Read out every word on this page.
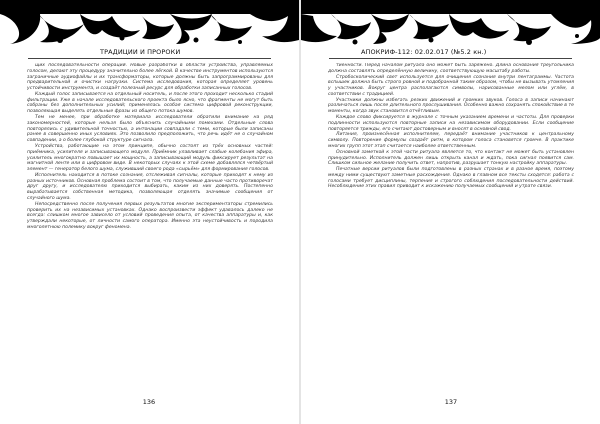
ТРАДИЦИИ И ПРОРОКИ

щих последовательности операций. Новые разработки в области устройства, управляемых голосом, делают эту процедуру значительно более лёгкой. В качестве инструментов используются заграничные аудиофайлы и их трансформаторы, которые должны быть запрограммированы для предварительной и очистки нагрузки. Система исследования, которая определяет уровень устойчивости инструмента, и создаёт полезный ресурс для обработки записанных голосов.

Каждый голос записывается на отдельный носитель, и после этого проходит несколько стадий фильтрации. Уже в начале исследовательского проекта было ясно, что фрагменты не могут быть собраны без дополнительных усилий; применялась особая система цифровой реконструкции, позволяющая выделять отдельные фразы из общего потока шумов.

Тем не менее, при обработке материала исследователи обратили внимание на ряд закономерностей, которые нельзя было объяснить случайными помехами. Отдельные слова повторялись с удивительной точностью, а интонации совпадали с теми, которые были записаны ранее в совершенно иных условиях. Это позволило предположить, что речь идёт не о случайном совпадении, а о более глубокой структуре сигнала.

Устройства, работающие на этом принципе, обычно состоят из трёх основных частей: приёмника, усилителя и записывающего модуля. Приёмник улавливает слабые колебания эфира, усилитель многократно повышает их мощность, а записывающий модуль фиксирует результат на магнитной ленте или в цифровом виде. В некоторых случаях к этой схеме добавлялся четвёртый элемент — генератор белого шума, служивший своего рода «сырьём» для формирования голосов.

Исполнитель находится в потоке сознания, отслеживая сигналы, которые приходят к нему из разных источников. Основная проблема состоит в том, что получаемые данные часто противоречат друг другу, и исследователю приходится выбирать, каким из них доверять. Постепенно вырабатывается собственная методика, позволяющая отделять значимые сообщения от случайного шума.

Непосредственно после получения первых результатов многие экспериментаторы стремились проверить их на независимых установках. Однако воспроизвести эффект удавалось далеко не всегда: слишком многое зависело от условий проведения опыта, от качества аппаратуры и, как утверждали некоторые, от личности самого оператора. Именно эта неустойчивость и породила многолетнюю полемику вокруг феномена.

136
АПОКРИФ-112: 02.02.017 (№5.2 кн.)

тиенности. Перед началом ритуала оно может быть заряжено. Длина основания треугольника должна составлять определённую величину, соответствующую масштабу работы.

Стробоскопический свет используется для очищения сознания внутри пентаграммы. Частота вспышек должна быть строго ровной и подобранной таким образом, чтобы не вызывать утомления у участников. Вокруг центра располагаются символы, нарисованные мелом или углём, в соответствии с традицией.

Участники должны избегать резких движений и громких звуков. Голоса в записи начинают различаться лишь после длительного прослушивания. Особенно важно сохранять спокойствие в те моменты, когда звук становится отчётливым.

Каждое слово фиксируется в журнале с точным указанием времени и частоты. Для проверки подлинности используются повторные записи на независимом оборудовании. Если сообщение повторяется трижды, его считают достоверным и вносят в основной свод.

Литания, произнесённая исполнителем, передаёт внимание участников к центральному символу. Повторение формулы создаёт ритм, в котором голоса становятся громче. В практике многих групп этот этап считается наиболее ответственным.

Основной заметкой к этой части ритуала является то, что контакт не может быть установлен принудительно. Исполнитель должен лишь открыть канал и ждать, пока сигнал появится сам. Слишком сильное желание получить ответ, напротив, разрушает тонкую настройку аппаратуры.

Печатные версии ритуалов были подготовлены в разных странах и в разное время, поэтому между ними существуют заметные расхождения. Однако в главном все тексты сходятся: работа с голосами требует дисциплины, терпения и строгого соблюдения последовательности действий. Несоблюдение этих правил приводит к искажению получаемых сообщений и утрате связи.

137
